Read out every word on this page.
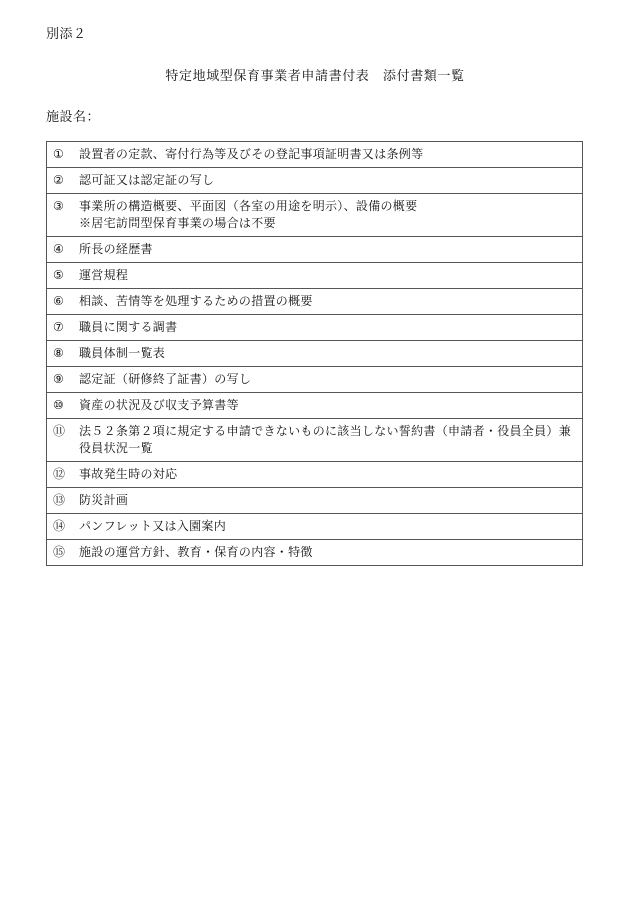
別添２
特定地域型保育事業者申請書付表　添付書類一覧
施設名：
①	設置者の定款、寄付行為等及びその登記事項証明書又は条例等

②	認可証又は認定証の写し

③	事業所の構造概要、平面図（各室の用途を明示）、設備の概要
※居宅訪問型保育事業の場合は不要

④	所長の経歴書

⑤	運営規程

⑥	相談、苦情等を処理するための措置の概要

⑦	職員に関する調書

⑧	職員体制一覧表

⑨	認定証（研修終了証書）の写し

⑩	資産の状況及び収支予算書等

⑪	法５２条第２項に規定する申請できないものに該当しない誓約書（申請者・役員全員）兼役員状況一覧

⑫	事故発生時の対応

⑬	防災計画

⑭	パンフレット又は入園案内

⑮	施設の運営方針、教育・保育の内容・特徴
